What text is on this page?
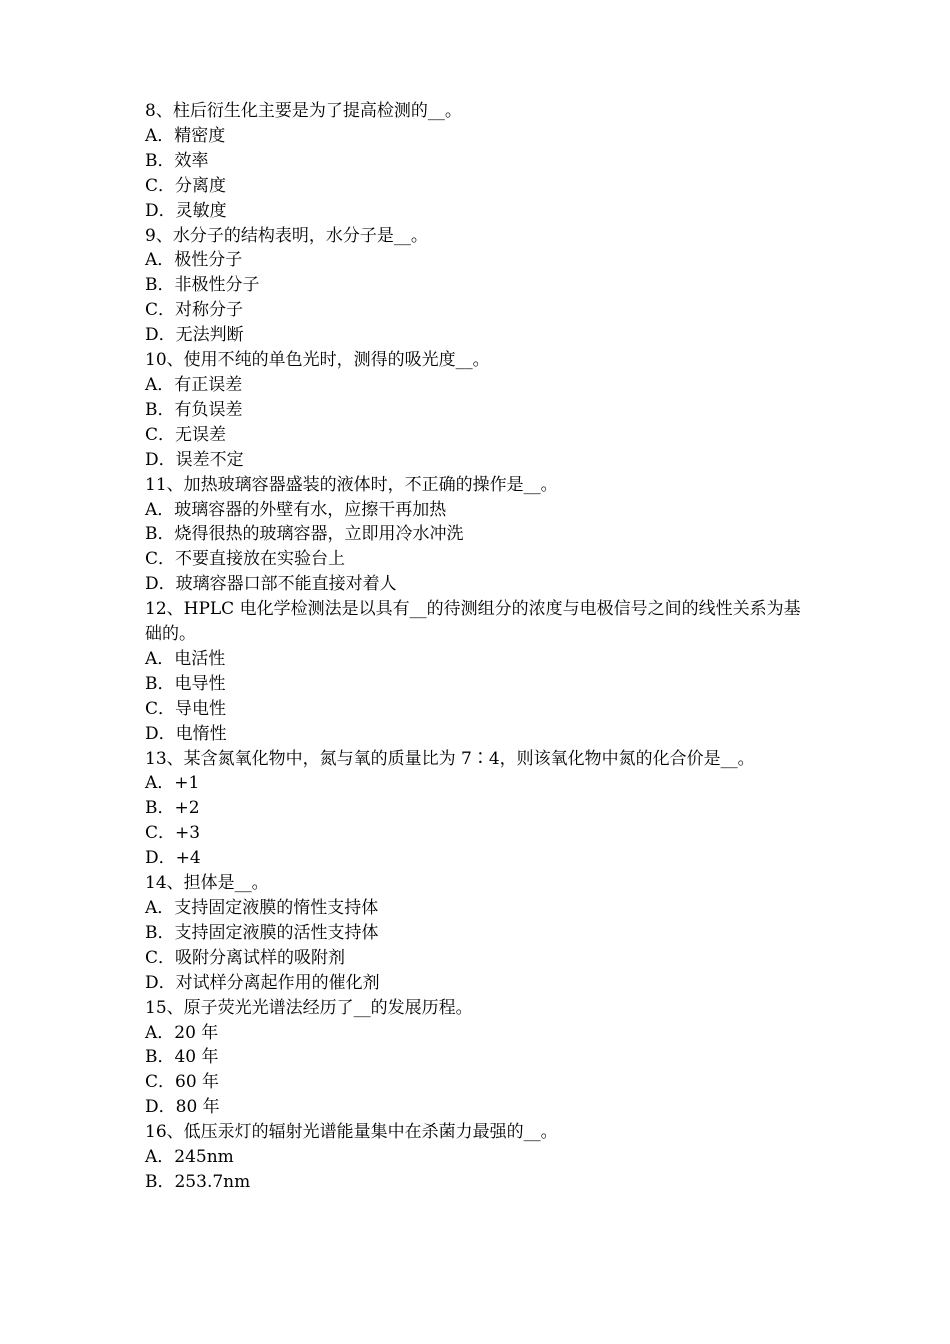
8、柱后衍生化主要是为了提高检测的__。
A．精密度
B．效率
C．分离度
D．灵敏度
9、水分子的结构表明，水分子是__。
A．极性分子
B．非极性分子
C．对称分子
D．无法判断
10、使用不纯的单色光时，测得的吸光度__。
A．有正误差
B．有负误差
C．无误差
D．误差不定
11、加热玻璃容器盛装的液体时，不正确的操作是__。
A．玻璃容器的外壁有水，应擦干再加热
B．烧得很热的玻璃容器，立即用冷水冲洗
C．不要直接放在实验台上
D．玻璃容器口部不能直接对着人
12、HPLC 电化学检测法是以具有__的待测组分的浓度与电极信号之间的线性关系为基础的。
A．电活性
B．电导性
C．导电性
D．电惰性
13、某含氮氧化物中，氮与氧的质量比为 7∶4，则该氧化物中氮的化合价是__。
A．+1
B．+2
C．+3
D．+4
14、担体是__。
A．支持固定液膜的惰性支持体
B．支持固定液膜的活性支持体
C．吸附分离试样的吸附剂
D．对试样分离起作用的催化剂
15、原子荧光光谱法经历了__的发展历程。
A．20 年
B．40 年
C．60 年
D．80 年
16、低压汞灯的辐射光谱能量集中在杀菌力最强的__。
A．245nm
B．253.7nm
